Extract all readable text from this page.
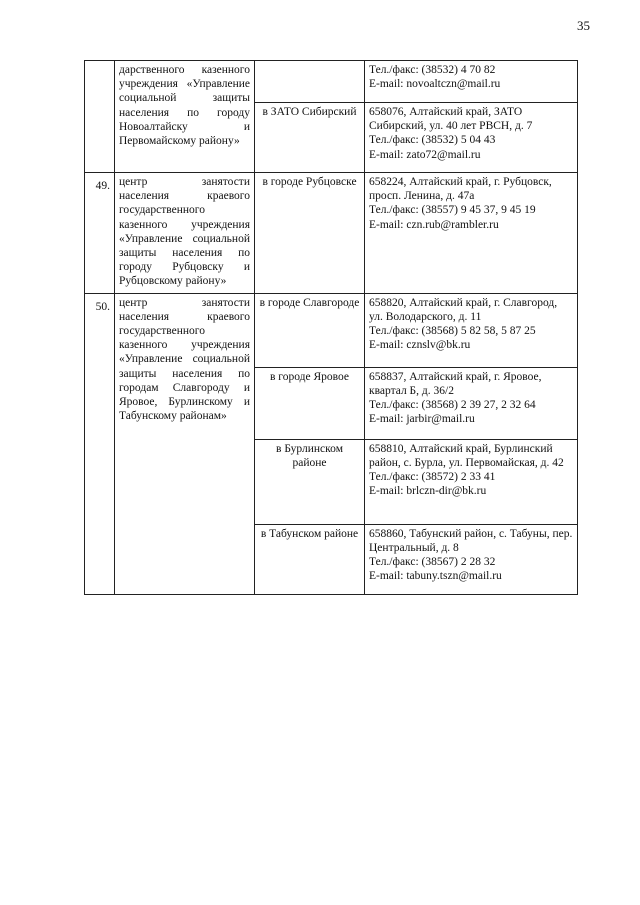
35
	дарственного казенного учреждения «Управление социальной защиты населения по городу Новоалтайску и Первомайскому району»		Тел./факс: (38532) 4 70 82
E-mail: novoaltczn@mail.ru

		в ЗАТО Сибирский	658076, Алтайский край, ЗАТО Сибирский, ул. 40 лет РВСН, д. 7
Тел./факс: (38532) 5 04 43
E-mail: zato72@mail.ru

49.	центр занятости населения краевого государственного казенного учреждения «Управление социальной защиты населения по городу Рубцовску и Рубцовскому району»	в городе Рубцовске	658224, Алтайский край, г. Рубцовск, просп. Ленина, д. 47а
Тел./факс: (38557) 9 45 37, 9 45 19
E-mail: czn.rub@rambler.ru

50.	центр занятости населения краевого государственного казенного учреждения «Управление социальной защиты населения по городам Славгороду и Яровое, Бурлинскому и Табунскому районам»	в городе Славгороде	658820, Алтайский край, г. Славгород, ул. Володарского, д. 11
Тел./факс: (38568) 5 82 58, 5 87 25
E-mail: cznslv@bk.ru

		в городе Яровое	658837, Алтайский край, г. Яровое, квартал Б, д. 36/2
Тел./факс: (38568) 2 39 27, 2 32 64
E-mail: jarbir@mail.ru

		в Бурлинском районе	658810, Алтайский край, Бурлинский район, с. Бурла, ул. Первомайская, д. 42
Тел./факс: (38572) 2 33 41
E-mail: brlczn-dir@bk.ru

		в Табунском районе	658860, Табунский район, с. Табуны, пер. Центральный, д. 8
Тел./факс: (38567) 2 28 32
E-mail: tabuny.tszn@mail.ru
